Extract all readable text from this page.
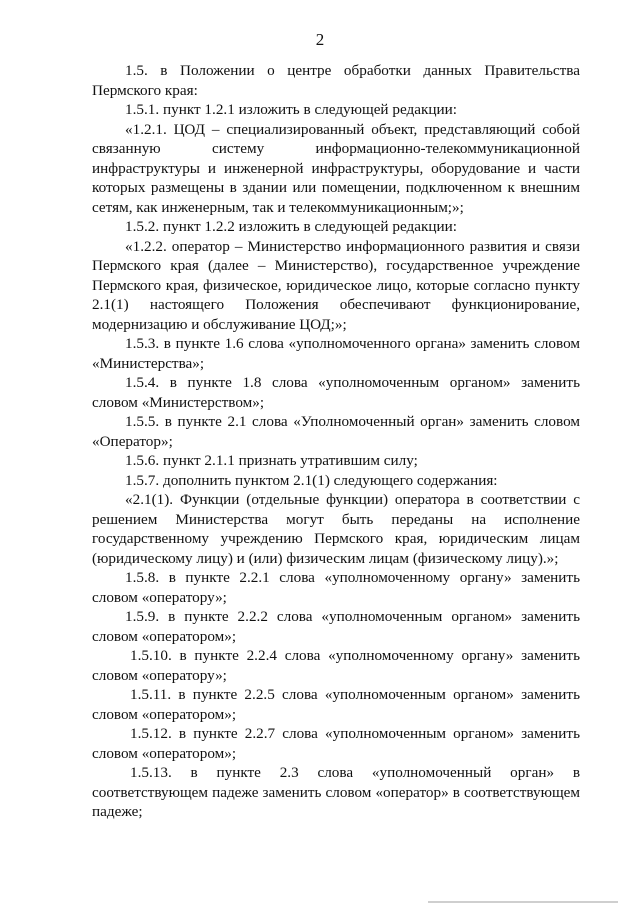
2

1.5. в Положении о центре обработки данных Правительства Пермского края:

1.5.1. пункт 1.2.1 изложить в следующей редакции:

«1.2.1. ЦОД – специализированный объект, представляющий собой связанную систему информационно-телекоммуникационной инфраструктуры и инженерной инфраструктуры, оборудование и части которых размещены в здании или помещении, подключенном к внешним сетям, как инженерным, так и телекоммуникационным;»;

1.5.2. пункт 1.2.2 изложить в следующей редакции:

«1.2.2. оператор – Министерство информационного развития и связи Пермского края (далее – Министерство), государственное учреждение Пермского края, физическое, юридическое лицо, которые согласно пункту 2.1(1) настоящего Положения обеспечивают функционирование, модернизацию и обслуживание ЦОД;»;

1.5.3. в пункте 1.6 слова «уполномоченного органа» заменить словом «Министерства»;

1.5.4. в пункте 1.8 слова «уполномоченным органом» заменить словом «Министерством»;

1.5.5. в пункте 2.1 слова «Уполномоченный орган» заменить словом «Оператор»;

1.5.6. пункт 2.1.1 признать утратившим силу;

1.5.7. дополнить пунктом 2.1(1) следующего содержания:

«2.1(1). Функции (отдельные функции) оператора в соответствии с решением Министерства могут быть переданы на исполнение государственному учреждению Пермского края, юридическим лицам (юридическому лицу) и (или) физическим лицам (физическому лицу).»;

1.5.8. в пункте 2.2.1 слова «уполномоченному органу» заменить словом «оператору»;

1.5.9. в пункте 2.2.2 слова «уполномоченным органом» заменить словом «оператором»;

1.5.10. в пункте 2.2.4 слова «уполномоченному органу» заменить словом «оператору»;

1.5.11. в пункте 2.2.5 слова «уполномоченным органом» заменить словом «оператором»;

1.5.12. в пункте 2.2.7 слова «уполномоченным органом» заменить словом «оператором»;

1.5.13. в пункте 2.3 слова «уполномоченный орган» в соответствующем падеже заменить словом «оператор» в соответствующем падеже;
